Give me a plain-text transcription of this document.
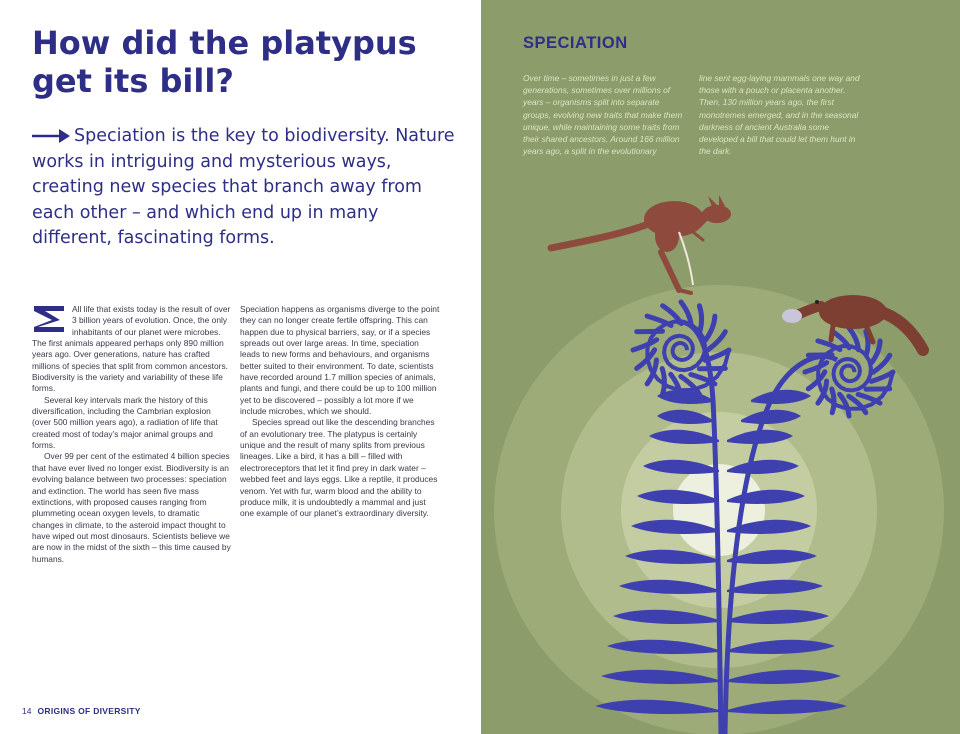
How did the platypus get its bill?

Speciation is the key to biodiversity. Nature works in intriguing and mysterious ways, creating new species that branch away from each other – and which end up in many different, fascinating forms.

All life that exists today is the result of over 3 billion years of evolution. Once, the only inhabitants of our planet were microbes. The first animals appeared perhaps only 890 million years ago. Over generations, nature has crafted millions of species that split from common ancestors. Biodiversity is the variety and variability of these life forms.

Several key intervals mark the history of this diversification, including the Cambrian explosion (over 500 million years ago), a radiation of life that created most of today’s major animal groups and forms.

Over 99 per cent of the estimated 4 billion species that have ever lived no longer exist. Biodiversity is an evolving balance between two processes: speciation and extinction. The world has seen five mass extinctions, with proposed causes ranging from plummeting ocean oxygen levels, to dramatic changes in climate, to the asteroid impact thought to have wiped out most dinosaurs. Scientists believe we are now in the midst of the sixth – this time caused by humans.

Speciation happens as organisms diverge to the point they can no longer create fertile offspring. This can happen due to physical barriers, say, or if a species spreads out over large areas. In time, speciation leads to new forms and behaviours, and organisms better suited to their environment. To date, scientists have recorded around 1.7 million species of animals, plants and fungi, and there could be up to 100 million yet to be discovered – possibly a lot more if we include microbes, which we should.

Species spread out like the descending branches of an evolutionary tree. The platypus is certainly unique and the result of many splits from previous lineages. Like a bird, it has a bill – filled with electroreceptors that let it find prey in dark water – webbed feet and lays eggs. Like a reptile, it produces venom. Yet with fur, warm blood and the ability to produce milk, it is undoubtedly a mammal and just one example of our planet’s extraordinary diversity.

14 ORIGINS OF DIVERSITY
SPECIATION

Over time – sometimes in just a few generations, sometimes over millions of years – organisms split into separate groups, evolving new traits that make them unique, while maintaining some traits from their shared ancestors. Around 166 million years ago, a split in the evolutionary

line sent egg-laying mammals one way and those with a pouch or placenta another. Then, 130 million years ago, the first monotremes emerged, and in the seasonal darkness of ancient Australia some developed a bill that could let them hunt in the dark.
